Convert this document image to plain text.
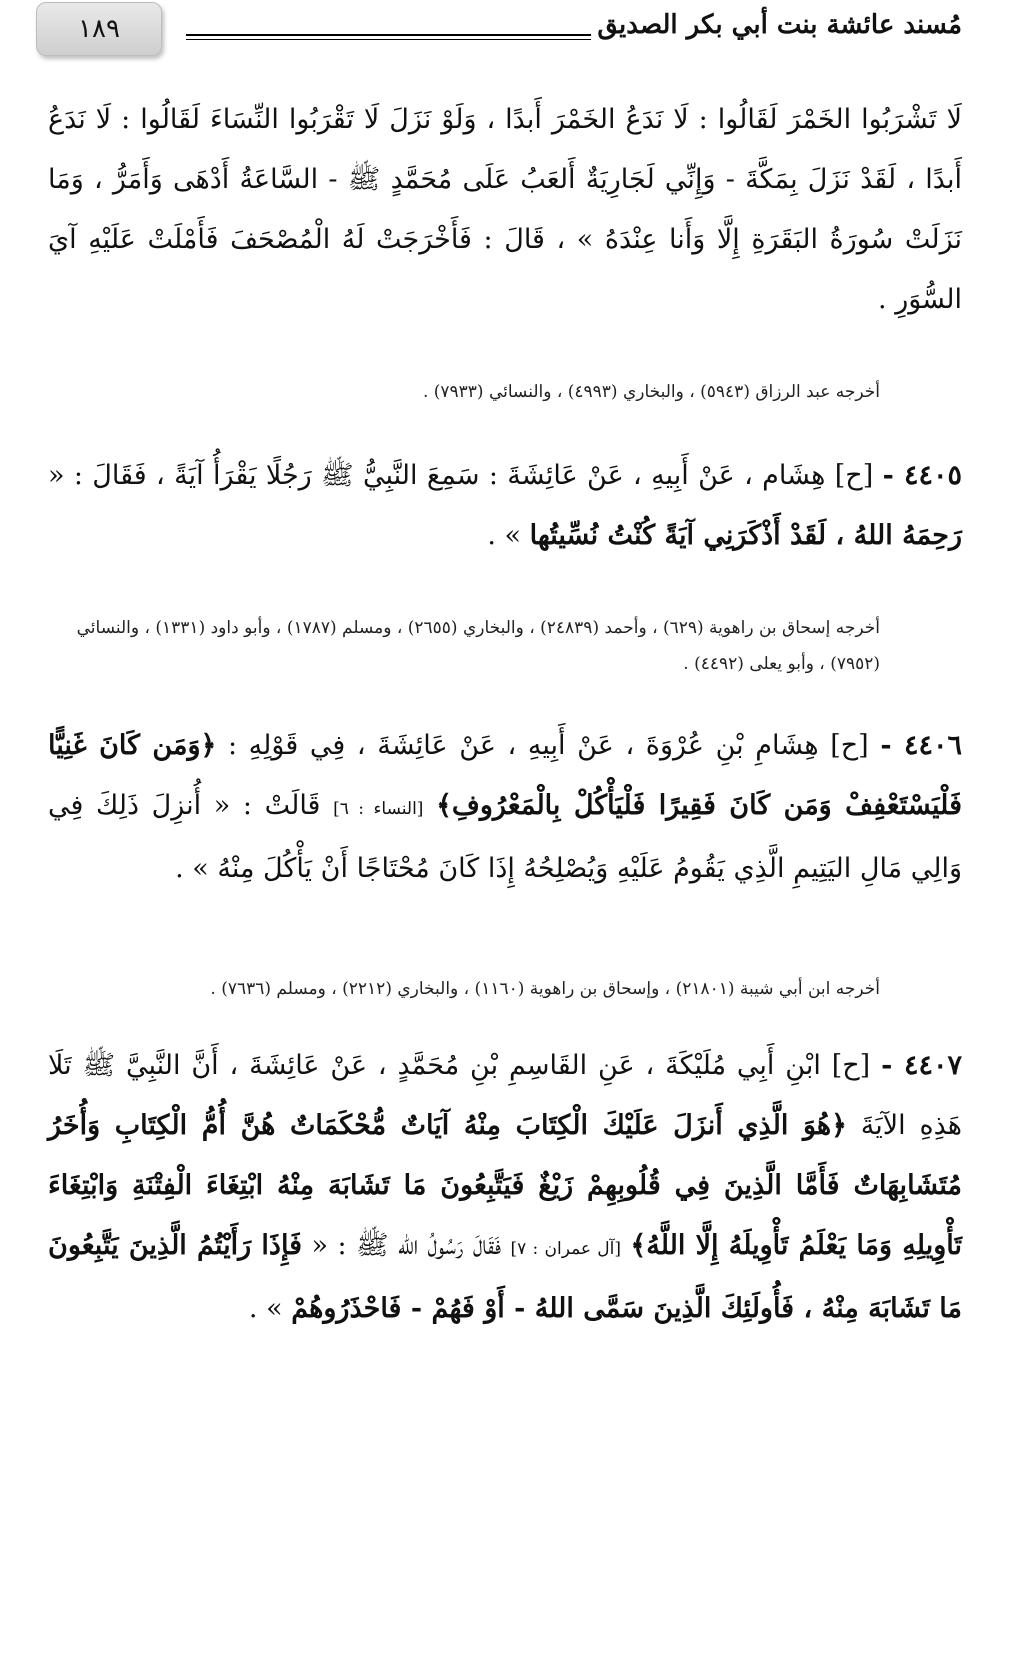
مُسند عائشة بنت أبي بكر الصديق
١٨٩
لَا تَشْرَبُوا الخَمْرَ لَقَالُوا : لَا نَدَعُ الخَمْرَ أَبدًا ، وَلَوْ نَزَلَ لَا تَقْرَبُوا النِّسَاءَ لَقَالُوا : لَا نَدَعُ أَبدًا ، لَقَدْ نَزَلَ بِمَكَّةَ - وَإِنِّي لَجَارِيَةٌ أَلعَبُ عَلَى مُحَمَّدٍ ﷺ - السَّاعَةُ أَدْهَى وَأَمَرُّ ، وَمَا نَزَلَتْ سُورَةُ البَقَرَةِ إِلَّا وَأَنا عِنْدَهُ » ، قَالَ : فَأَخْرَجَتْ لَهُ الْمُصْحَفَ فَأَمْلَتْ عَلَيْهِ آيَ السُّوَرِ .
أخرجه عبد الرزاق (٥٩٤٣) ، والبخاري (٤٩٩٣) ، والنسائي (٧٩٣٣) .
٤٤٠٥ - [ح] هِشَام ، عَنْ أَبِيهِ ، عَنْ عَائِشَةَ : سَمِعَ النَّبِيُّ ﷺ رَجُلًا يَقْرَأُ آيَةً ، فَقَالَ : « رَحِمَهُ اللهُ ، لَقَدْ أَذْكَرَنِي آيَةً كُنْتُ نُسِّيتُها » .
أخرجه إسحاق بن راهوية (٦٢٩) ، وأحمد (٢٤٨٣٩) ، والبخاري (٢٦٥٥) ، ومسلم (١٧٨٧) ، وأبو داود (١٣٣١) ، والنسائي (٧٩٥٢) ، وأبو يعلى (٤٤٩٢) .
٤٤٠٦ - [ح] هِشَامِ بْنِ عُرْوَةَ ، عَنْ أَبِيهِ ، عَنْ عَائِشَةَ ، فِي قَوْلِهِ : ﴿وَمَن كَانَ غَنِيًّا فَلْيَسْتَعْفِفْ وَمَن كَانَ فَقِيرًا فَلْيَأْكُلْ بِالْمَعْرُوفِ﴾ [النساء : ٦] قَالَتْ : « أُنزِلَ ذَلِكَ فِي وَالِي مَالِ اليَتِيمِ الَّذِي يَقُومُ عَلَيْهِ وَيُصْلِحُهُ إِذَا كَانَ مُحْتَاجًا أَنْ يَأْكُلَ مِنْهُ » .
أخرجه ابن أبي شيبة (٢١٨٠١) ، وإسحاق بن راهوية (١١٦٠) ، والبخاري (٢٢١٢) ، ومسلم (٧٦٣٦) .
٤٤٠٧ - [ح] ابْنِ أَبِي مُلَيْكَةَ ، عَنِ القَاسِمِ بْنِ مُحَمَّدٍ ، عَنْ عَائِشَةَ ، أَنَّ النَّبِيَّ ﷺ تَلَا هَذِهِ الآيَةَ ﴿هُوَ الَّذِي أَنزَلَ عَلَيْكَ الْكِتَابَ مِنْهُ آيَاتٌ مُّحْكَمَاتٌ هُنَّ أُمُّ الْكِتَابِ وَأُخَرُ مُتَشَابِهَاتٌ فَأَمَّا الَّذِينَ فِي قُلُوبِهِمْ زَيْغٌ فَيَتَّبِعُونَ مَا تَشَابَهَ مِنْهُ ابْتِغَاءَ الْفِتْنَةِ وَابْتِغَاءَ تَأْوِيلِهِ وَمَا يَعْلَمُ تَأْوِيلَهُ إِلَّا اللَّهُ﴾ [آل عمران : ٧] فَقَالَ رَسُولُ الله ﷺ : « فَإِذَا رَأَيْتُمُ الَّذِينَ يَتَّبِعُونَ مَا تَشَابَهَ مِنْهُ ، فَأُولَئِكَ الَّذِينَ سَمَّى اللهُ - أَوْ فَهُمْ - فَاحْذَرُوهُمْ » .
